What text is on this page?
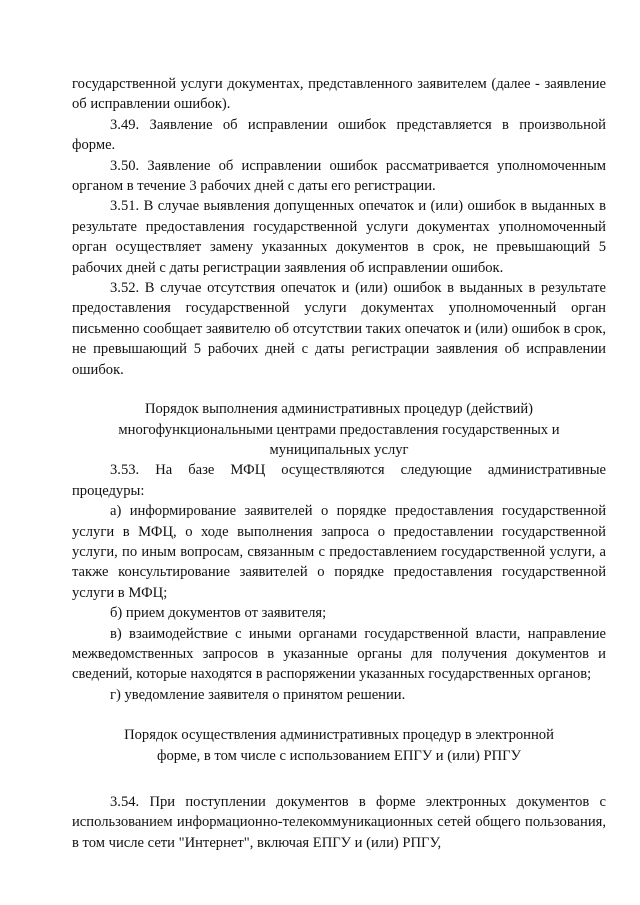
государственной услуги документах, представленного заявителем (далее - заявление об исправлении ошибок).

3.49. Заявление об исправлении ошибок представляется в произвольной форме.

3.50. Заявление об исправлении ошибок рассматривается уполномоченным органом в течение 3 рабочих дней с даты его регистрации.

3.51. В случае выявления допущенных опечаток и (или) ошибок в выданных в результате предоставления государственной услуги документах уполномоченный орган осуществляет замену указанных документов в срок, не превышающий 5 рабочих дней с даты регистрации заявления об исправлении ошибок.

3.52. В случае отсутствия опечаток и (или) ошибок в выданных в результате предоставления государственной услуги документах уполномоченный орган письменно сообщает заявителю об отсутствии таких опечаток и (или) ошибок в срок, не превышающий 5 рабочих дней с даты регистрации заявления об исправлении ошибок.

Порядок выполнения административных процедур (действий)
многофункциональными центрами предоставления государственных и
муниципальных услуг

3.53. На базе МФЦ осуществляются следующие административные процедуры:

а) информирование заявителей о порядке предоставления государственной услуги в МФЦ, о ходе выполнения запроса о предоставлении государственной услуги, по иным вопросам, связанным с предоставлением государственной услуги, а также консультирование заявителей о порядке предоставления государственной услуги в МФЦ;

б) прием документов от заявителя;

в) взаимодействие с иными органами государственной власти, направление межведомственных запросов в указанные органы для получения документов и сведений, которые находятся в распоряжении указанных государственных органов;

г) уведомление заявителя о принятом решении.

Порядок осуществления административных процедур в электронной
форме, в том числе с использованием ЕПГУ и (или) РПГУ

3.54. При поступлении документов в форме электронных документов с использованием информационно-телекоммуникационных сетей общего пользования, в том числе сети "Интернет", включая ЕПГУ и (или) РПГУ,
